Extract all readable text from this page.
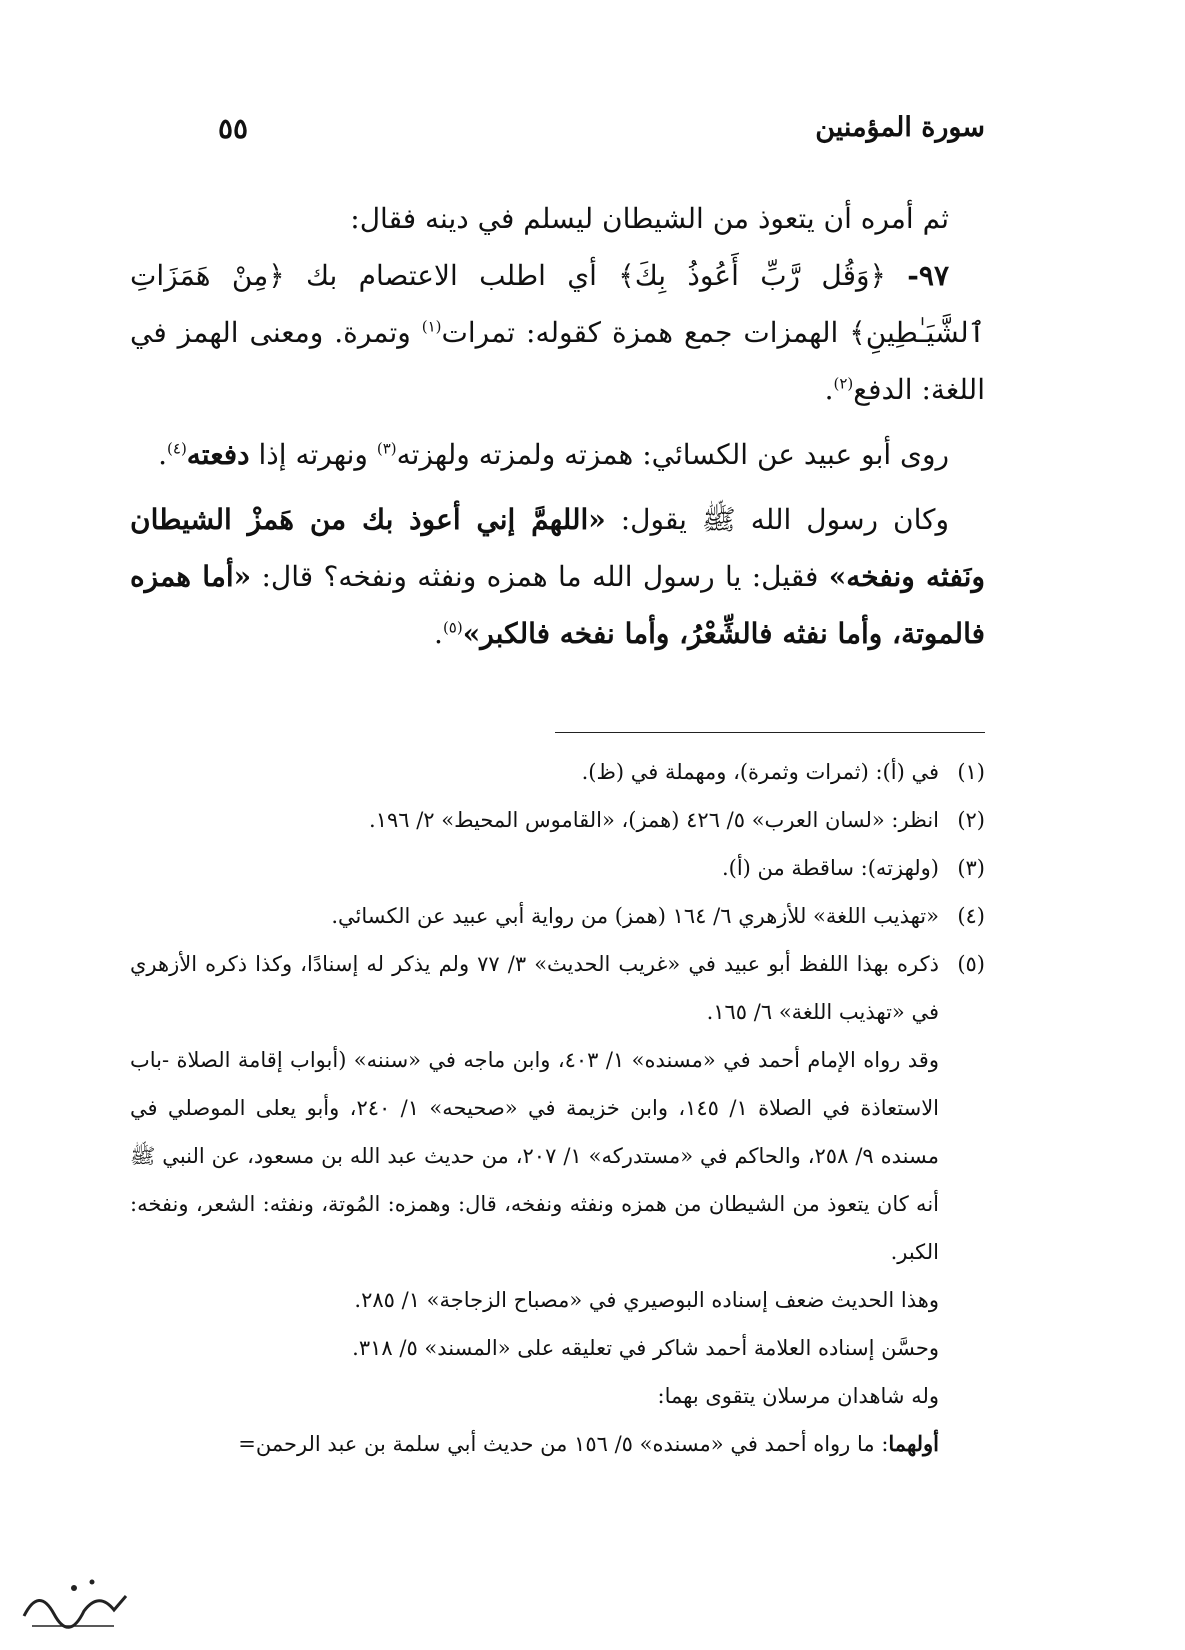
سورة المؤمنين
٥٥

ثم أمره أن يتعوذ من الشيطان ليسلم في دينه فقال:

٩٧- ﴿وَقُل رَّبِّ أَعُوذُ بِكَ﴾ أي اطلب الاعتصام بك ﴿مِنْ هَمَزَاتِ ٱلشَّيَـٰطِينِ﴾ الهمزات جمع همزة كقوله: تمرات$^{(١)}$ وتمرة. ومعنى الهمز في اللغة: الدفع$^{(٢)}$.

روى أبو عبيد عن الكسائي: همزته ولمزته ولهزته$^{(٣)}$ ونهرته إذا دفعته$^{(٤)}$.

وكان رسول الله ﷺ يقول: «اللهمَّ إني أعوذ بك من هَمزْ الشيطان ونَفثه ونفخه» فقيل: يا رسول الله ما همزه ونفثه ونفخه؟ قال: «أما همزه فالموتة، وأما نفثه فالشِّعْرُ، وأما نفخه فالكبر»$^{(٥)}$.

(١)
في (أ): (ثمرات وثمرة)، ومهملة في (ظ).
(٢)
انظر: «لسان العرب» ٥/ ٤٢٦ (همز)، «القاموس المحيط» ٢/ ١٩٦.
(٣)
(ولهزته): ساقطة من (أ).
(٤)
«تهذيب اللغة» للأزهري ٦/ ١٦٤ (همز) من رواية أبي عبيد عن الكسائي.
(٥)
ذكره بهذا اللفظ أبو عبيد في «غريب الحديث» ٣/ ٧٧ ولم يذكر له إسنادًا، وكذا ذكره الأزهري في «تهذيب اللغة» ٦/ ١٦٥.

وقد رواه الإمام أحمد في «مسنده» ١/ ٤٠٣، وابن ماجه في «سننه» (أبواب إقامة الصلاة -باب الاستعاذة في الصلاة ١/ ١٤٥، وابن خزيمة في «صحيحه» ١/ ٢٤٠، وأبو يعلى الموصلي في مسنده ٩/ ٢٥٨، والحاكم في «مستدركه» ١/ ٢٠٧، من حديث عبد الله بن مسعود، عن النبي ﷺ أنه كان يتعوذ من الشيطان من همزه ونفثه ونفخه، قال: وهمزه: المُوتة، ونفثه: الشعر، ونفخه: الكبر.

وهذا الحديث ضعف إسناده البوصيري في «مصباح الزجاجة» ١/ ٢٨٥.

وحسَّن إسناده العلامة أحمد شاكر في تعليقه على «المسند» ٥/ ٣١٨.

وله شاهدان مرسلان يتقوى بهما:

أولهما: ما رواه أحمد في «مسنده» ٥/ ١٥٦ من حديث أبي سلمة بن عبد الرحمن=
